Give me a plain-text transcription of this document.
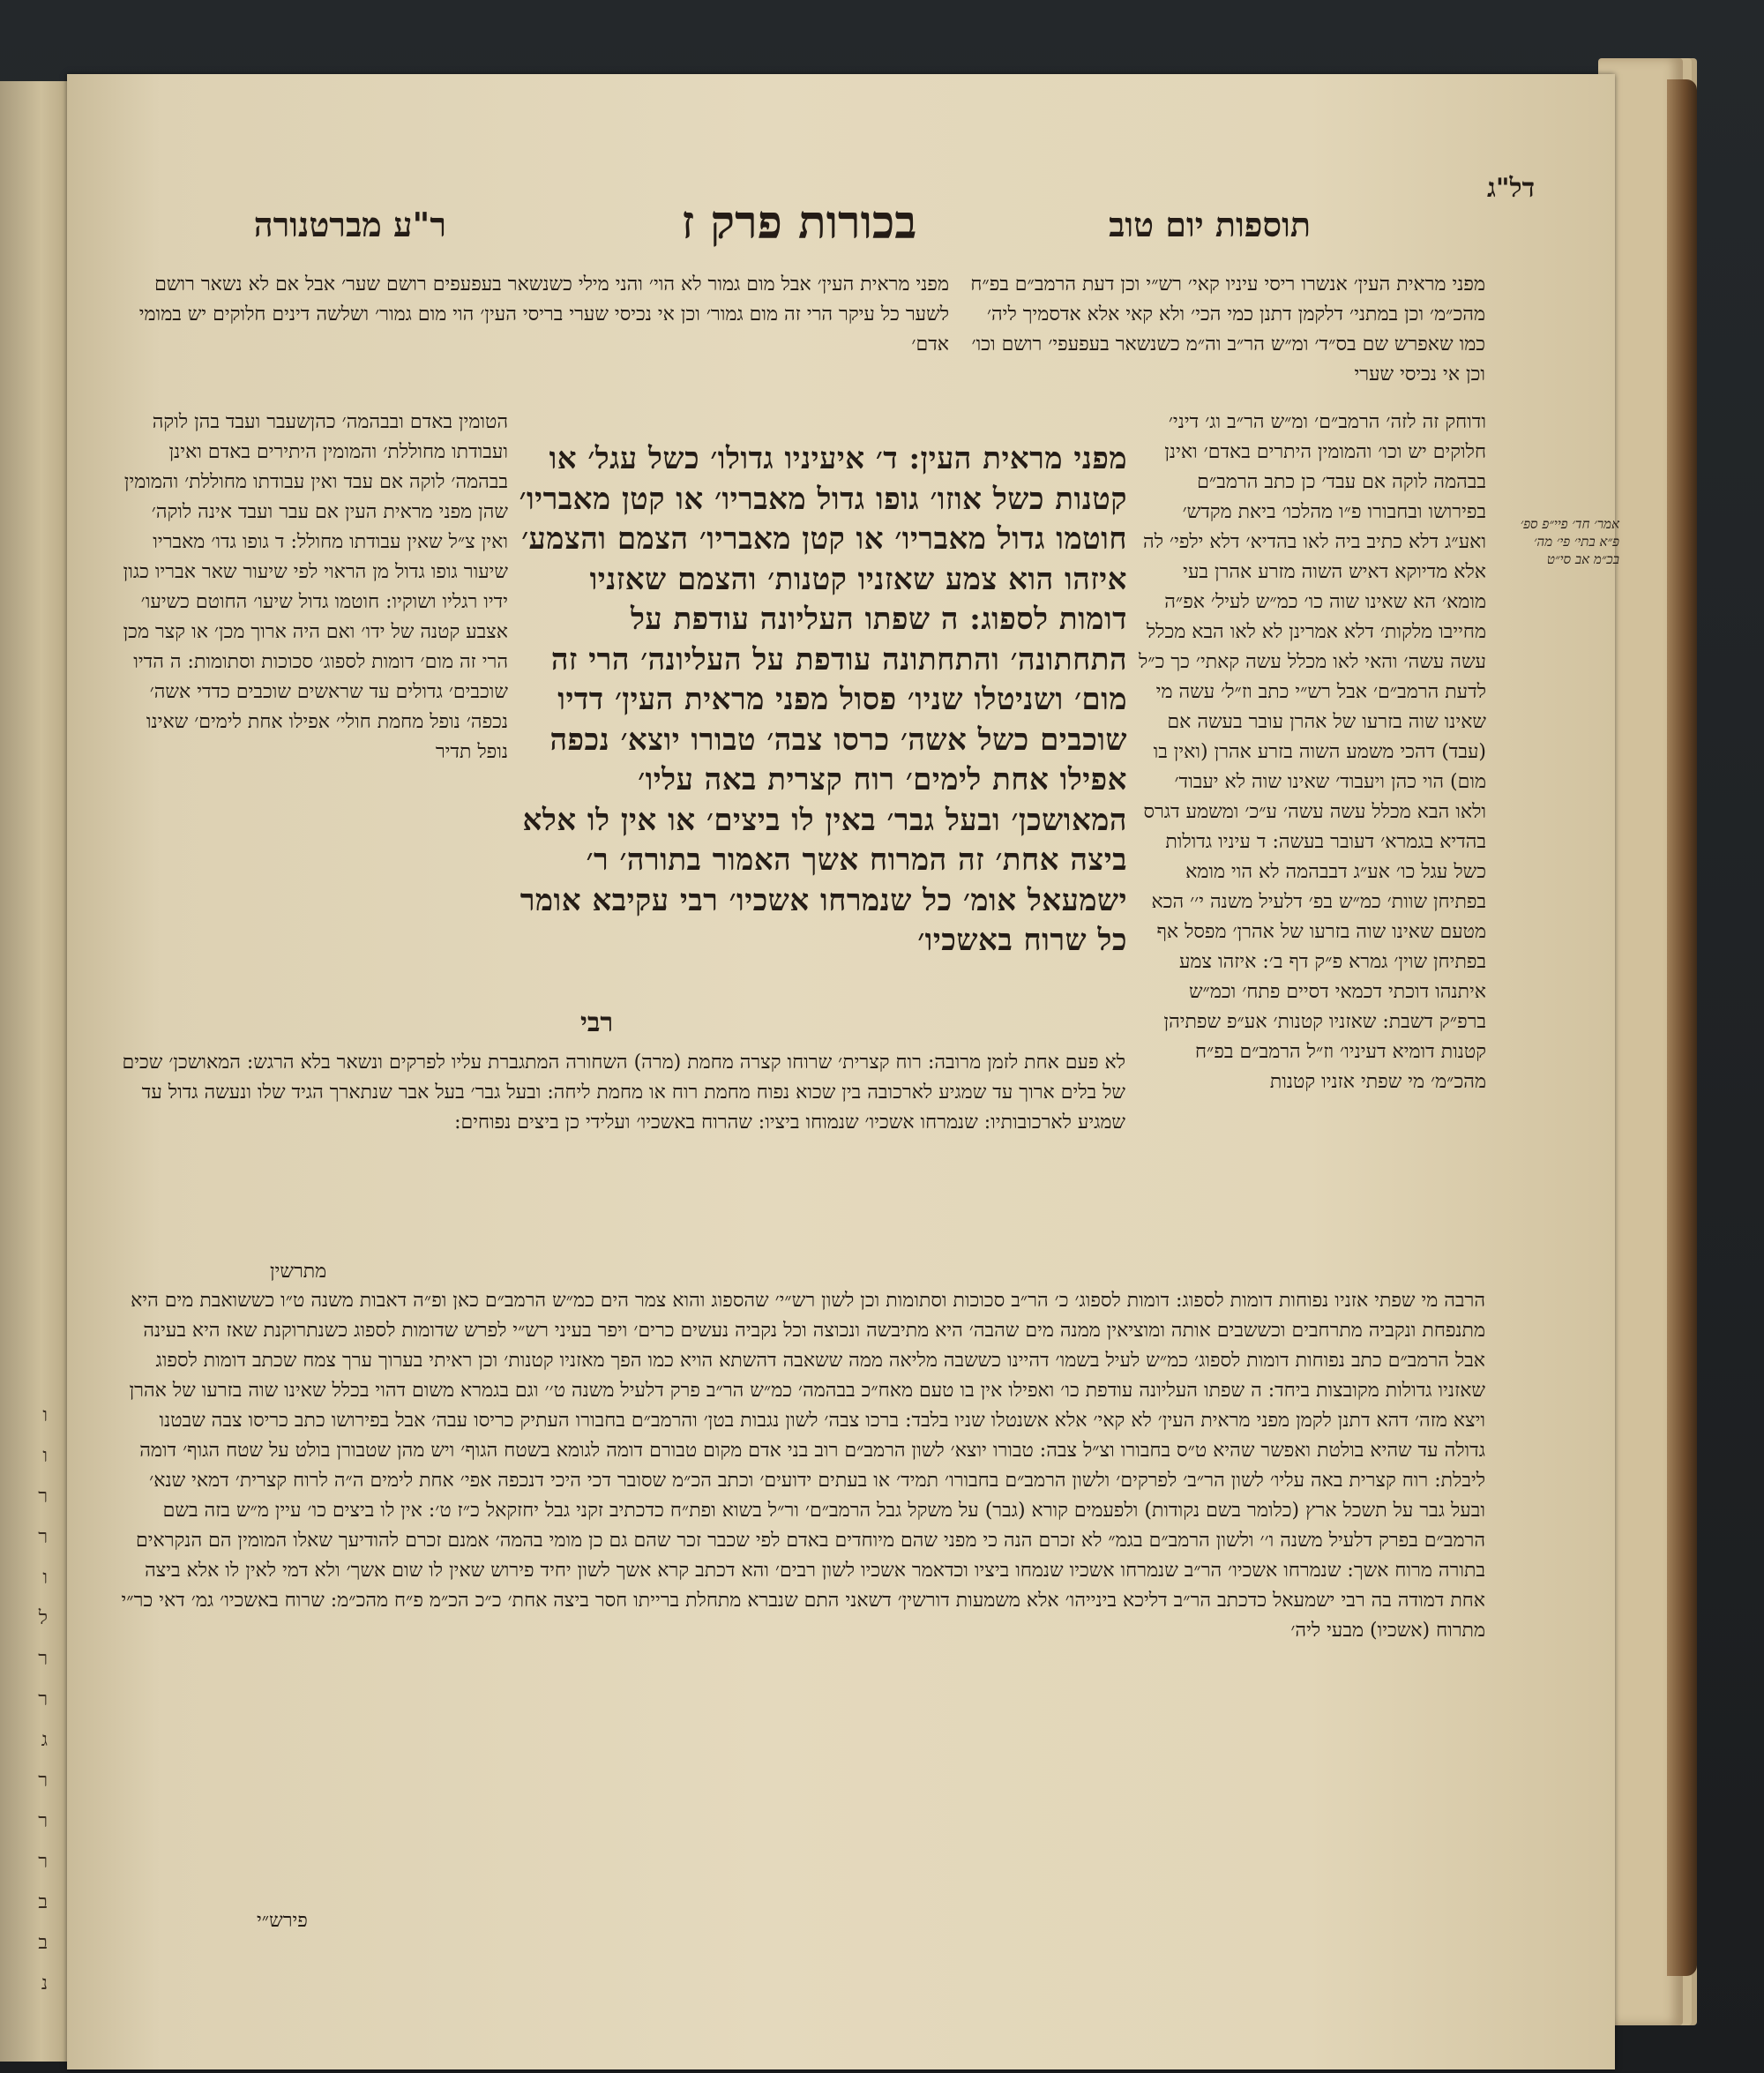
ו
ו
ר
ר
ו
ל
ר
ר
ג
ר
ר
ר
ב
ב
נ
תוספות יום טוב
בכורות פרק ז
ר"ע מברטנורה
דל"ג

מפני מראית העין׳ אנשרו ריסי עיניו קאי׳ רש״י וכן דעת הרמב״ם בפ״ח מהכ״מ׳ וכן במתני׳ דלקמן דתנן כמי הכי׳ ולא קאי אלא אדסמיך ליה׳ כמו שאפרש שם בס״ד׳ ומ״ש הר״ב וה״מ כשנשאר בעפעפי׳ רושם וכו׳ וכן אי נכיסי שערי

מפני מראית העין׳ אבל מום גמור לא הוי׳ והני מילי כשנשאר בעפעפים רושם שער׳ אבל אם לא נשאר רושם לשער כל עיקר הרי זה מום גמור׳ וכן אי נכיסי שערי בריסי העין׳ הוי מום גמור׳ ושלשה דינים חלוקים יש במומי אדם׳

הטומין באדם ובבהמה׳ כהןשעבר ועבד בהן לוקה ועבודתו מחוללת׳ והמומין היתירים באדם ואינן בבהמה׳ לוקה אם עבד ואין עבודתו מחוללת׳ והמומין שהן מפני מראית העין אם עבר ועבד אינה לוקה׳ ואין צ״ל שאין עבודתו מחולל: ד גופו גדו׳ מאבריו שיעור גופו גדול מן הראוי לפי שיעור שאר אבריו כגון ידיו רגליו ושוקיו: חוטמו גדול שיעו׳ החוטם כשיעו׳ אצבע קטנה של ידו׳ ואם היה ארוך מכן׳ או קצר מכן הרי זה מום׳ דומות לספוג׳ סכוכות וסתומות: ה הדיו שוכבים׳ גדולים עד שראשים שוכבים כדדי אשה׳ נכפה׳ נופל מחמת חולי׳ אפילו אחת לימים׳ שאינו נופל תדיר

מפני מראית העין: ד׳ איעיניו גדולו׳ כשל עגל׳ או קטנות כשל אוזו׳ גופו גדול מאבריו׳ או קטן מאבריו׳ חוטמו גדול מאבריו׳ או קטן מאבריו׳ הצמם והצמע׳ איזהו הוא צמע שאזניו קטנות׳ והצמם שאזניו דומות לספוג: ה שפתו העליונה עודפת על התחתונה׳ והתחתונה עודפת על העליונה׳ הרי זה מום׳ ושניטלו שניו׳ פסול מפני מראית העין׳ דדיו שוכבים כשל אשה׳ כרסו צבה׳ טבורו יוצא׳ נכפה אפילו אחת לימים׳ רוח קצרית באה עליו׳ המאושכן׳ ובעל גבר׳ באין לו ביצים׳ או אין לו אלא ביצה אחת׳ זה המרוח אשך האמור בתורה׳ ר׳ ישמעאל אומ׳ כל שנמרחו אשכיו׳ רבי עקיבא אומר כל שרוח באשכיו׳

רבי

ודוחק זה לזה׳ הרמב״ם׳ ומ״ש הר״ב וג׳ דיני׳ חלוקים יש וכו׳ והמומין היתרים באדם׳ ואינן בבהמה לוקה אם עבד׳ כן כתב הרמב״ם בפירושו ובחבורו פ״ו מהלכו׳ ביאת מקדש׳ ואע״ג דלא כתיב ביה לאו בהדיא׳ דלא ילפי׳ לה אלא מדיוקא דאיש השוה מזרע אהרן בעי מומא׳ הא שאינו שוה כו׳ כמ״ש לעיל׳ אפ״ה מחייבו מלקות׳ דלא אמרינן לא לאו הבא מכלל עשה עשה׳ והאי לאו מכלל עשה קאתי׳ כך כ״ל לדעת הרמב״ם׳ אבל רש״י כתב וז״ל׳ עשה מי שאינו שוה בזרעו של אהרן עובר בעשה אם (עבד) דהכי משמע השוה בזרע אהרן (ואין בו מום) הוי כהן ויעבוד׳ שאינו שוה לא יעבוד׳ ולאו הבא מכלל עשה עשה׳ ע״כ׳ ומשמע דגרס בהדיא בגמרא׳ דעובר בעשה: ד עיניו גדולות כשל עגל כו׳ אע״ג דבבהמה לא הוי מומא בפתיחן שוות׳ כמ״ש בפ׳ דלעיל משנה י׳׳ הכא מטעם שאינו שוה בזרעו של אהרן׳ מפסל אף בפתיחן שוין׳ גמרא פ״ק דף ב׳: איזהו צמע איתנהו דוכתי דכמאי דסיים פתח׳ וכמ״ש ברפ״ק דשבת: שאזניו קטנות׳ אע״פ שפתיהן קטנות דומיא דעיניו׳ וז״ל הרמב״ם בפ״ח מהכ״מ׳ מי שפתי אזניו קטנות

לא פעם אחת לזמן מרובה: רוח קצרית׳ שרוחו קצרה מחמת (מרה) השחורה המתגברת עליו לפרקים ונשאר בלא הרגש: המאושכן׳ שכים של בלים ארוך עד שמגיע לארכובה בין שכוא נפוח מחמת רוח או מחמת ליחה: ובעל גבר׳ בעל אבר שנתארך הגיד שלו ונעשה גדול עד שמגיע לארכובותיו: שנמרחו אשכיו׳ שנמוחו ביציו: שהרוח באשכיו׳ ועלידי כן ביצים נפוחים:

מתרשין

הרבה מי שפתי אזניו נפוחות דומות לספוג: דומות לספוג׳ כ׳ הר״ב סכוכות וסתומות וכן לשון רש״י׳ שהספוג והוא צמר הים כמ״ש הרמב״ם כאן ופ״ה דאבות משנה ט״ו כששואבת מים היא מתנפחת ונקביה מתרחבים וכששבים אותה ומוציאין ממנה מים שהבה׳ היא מתיבשה ונכוצה וכל נקביה נעשים כרים׳ ויפר בעיני רש״י לפרש שדומות לספוג כשנתרוקנת שאז היא בעינה אבל הרמב״ם כתב נפוחות דומות לספוג׳ כמ״ש לעיל בשמו׳ דהיינו כששבה מליאה ממה ששאבה דהשתא הויא כמו הפך מאזניו קטנות׳ וכן ראיתי בערוך ערך צמח שכתב דומות לספוג שאזניו גדולות מקובצות ביחד: ה שפתו העליונה עודפת כו׳ ואפילו אין בו טעם מאח״כ בבהמה׳ כמ״ש הר״ב פרק דלעיל משנה ט׳׳ וגם בגמרא משום דהוי בכלל שאינו שוה בזרעו של אהרן ויצא מזה׳ דהא דתנן לקמן מפני מראית העין׳ לא קאי׳ אלא אשנטלו שניו בלבד: ברכו צבה׳ לשון נגבות בטן׳ והרמב״ם בחבורו העתיק כריסו עבה׳ אבל בפירושו כתב כריסו צבה שבטנו גדולה עד שהיא בולטת ואפשר שהיא ט״ס בחבורו וצ״ל צבה: טבורו יוצא׳ לשון הרמב״ם רוב בני אדם מקום טבורם דומה לגומא בשטח הגוף׳ ויש מהן שטבורן בולט על שטח הגוף׳ דומה ליבלת: רוח קצרית באה עליו׳ לשון הר״ב׳ לפרקים׳ ולשון הרמב״ם בחבורו׳ תמיד׳ או בעתים ידועים׳ וכתב הכ״מ שסובר דכי היכי דנכפה אפי׳ אחת לימים ה״ה לרוח קצרית׳ דמאי שנא׳ ובעל גבר על תשכל ארץ (כלומר בשם נקודות) ולפעמים קורא (גבר) על משקל גבל הרמב״ם׳ ור״ל בשוא ופת״ח כדכתיב זקני גבל יחזקאל כ״ז ט׳: אין לו ביצים כו׳ עיין מ״ש בזה בשם הרמב״ם בפרק דלעיל משנה ו׳׳ ולשון הרמב״ם בגמ״ לא זכרם הנה כי מפני שהם מיוחדים באדם לפי שכבר זכר שהם גם כן מומי בהמה׳ אמנם זכרם להודיעך שאלו המומין הם הנקראים בתורה מרוח אשך: שנמרחו אשכיו׳ הר״ב שנמרחו אשכיו שנמחו ביציו וכדאמר אשכיו לשון רבים׳ והא דכתב קרא אשך לשון יחיד פירוש שאין לו שום אשך׳ ולא דמי לאין לו אלא ביצה אחת דמודה בה רבי ישמעאל כדכתב הר״ב דליכא בינייהו׳ אלא משמעות דורשין׳ דשאני התם שנברא מתחלת ברייתו חסר ביצה אחת׳ כ״כ הכ״מ פ״ח מהכ״מ: שרוח באשכיו׳ גמ׳ דאי כר״י מתרוח (אשכיו) מבעי ליה׳

פירש״י
אמר׳ חד׳ פיי״פ ספ׳ פ״א בתי׳ פי׳ מה׳ בכ״מ אב סי״ט
